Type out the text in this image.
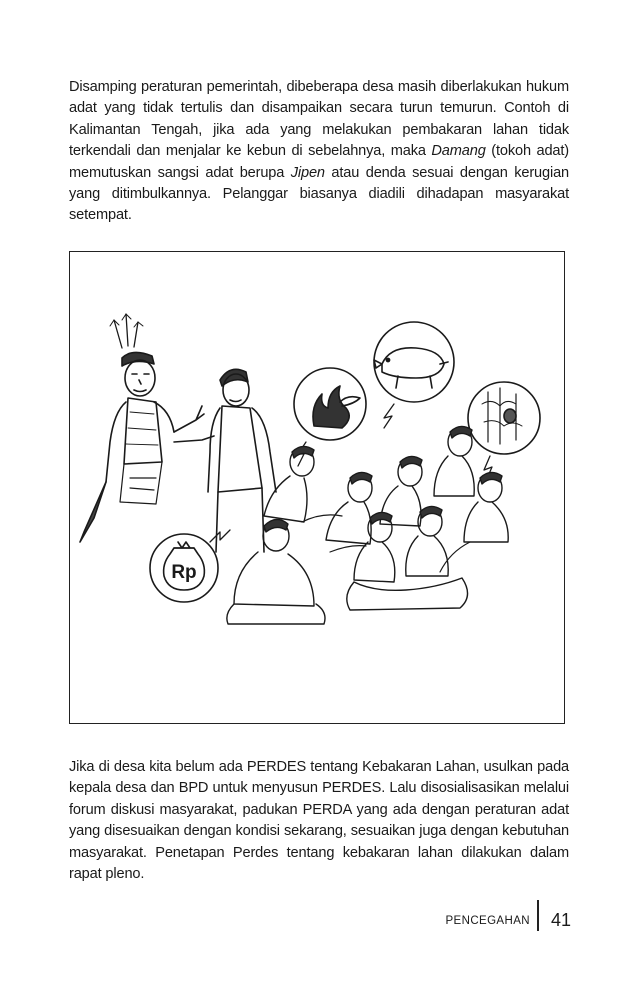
Disamping peraturan pemerintah, dibeberapa desa masih diberlakukan hukum adat yang tidak tertulis dan disampaikan secara turun temurun. Contoh di Kalimantan Tengah, jika ada yang melakukan pembakaran lahan tidak terkendali dan menjalar ke kebun di sebelahnya, maka Damang (tokoh adat) memutuskan sangsi adat berupa Jipen atau denda sesuai dengan kerugian yang ditimbulkannya. Pelanggar biasanya diadili dihadapan masyarakat setempat.

Rp

Jika di desa kita belum ada PERDES tentang Kebakaran Lahan, usulkan pada kepala desa dan BPD untuk menyusun PERDES. Lalu disosialisasikan melalui forum diskusi masyarakat, padukan PERDA yang ada dengan peraturan adat yang disesuaikan dengan kondisi sekarang, sesuaikan juga dengan kebutuhan masyarakat. Penetapan Perdes tentang kebakaran lahan dilakukan dalam rapat pleno.

PENCEGAHAN 41
